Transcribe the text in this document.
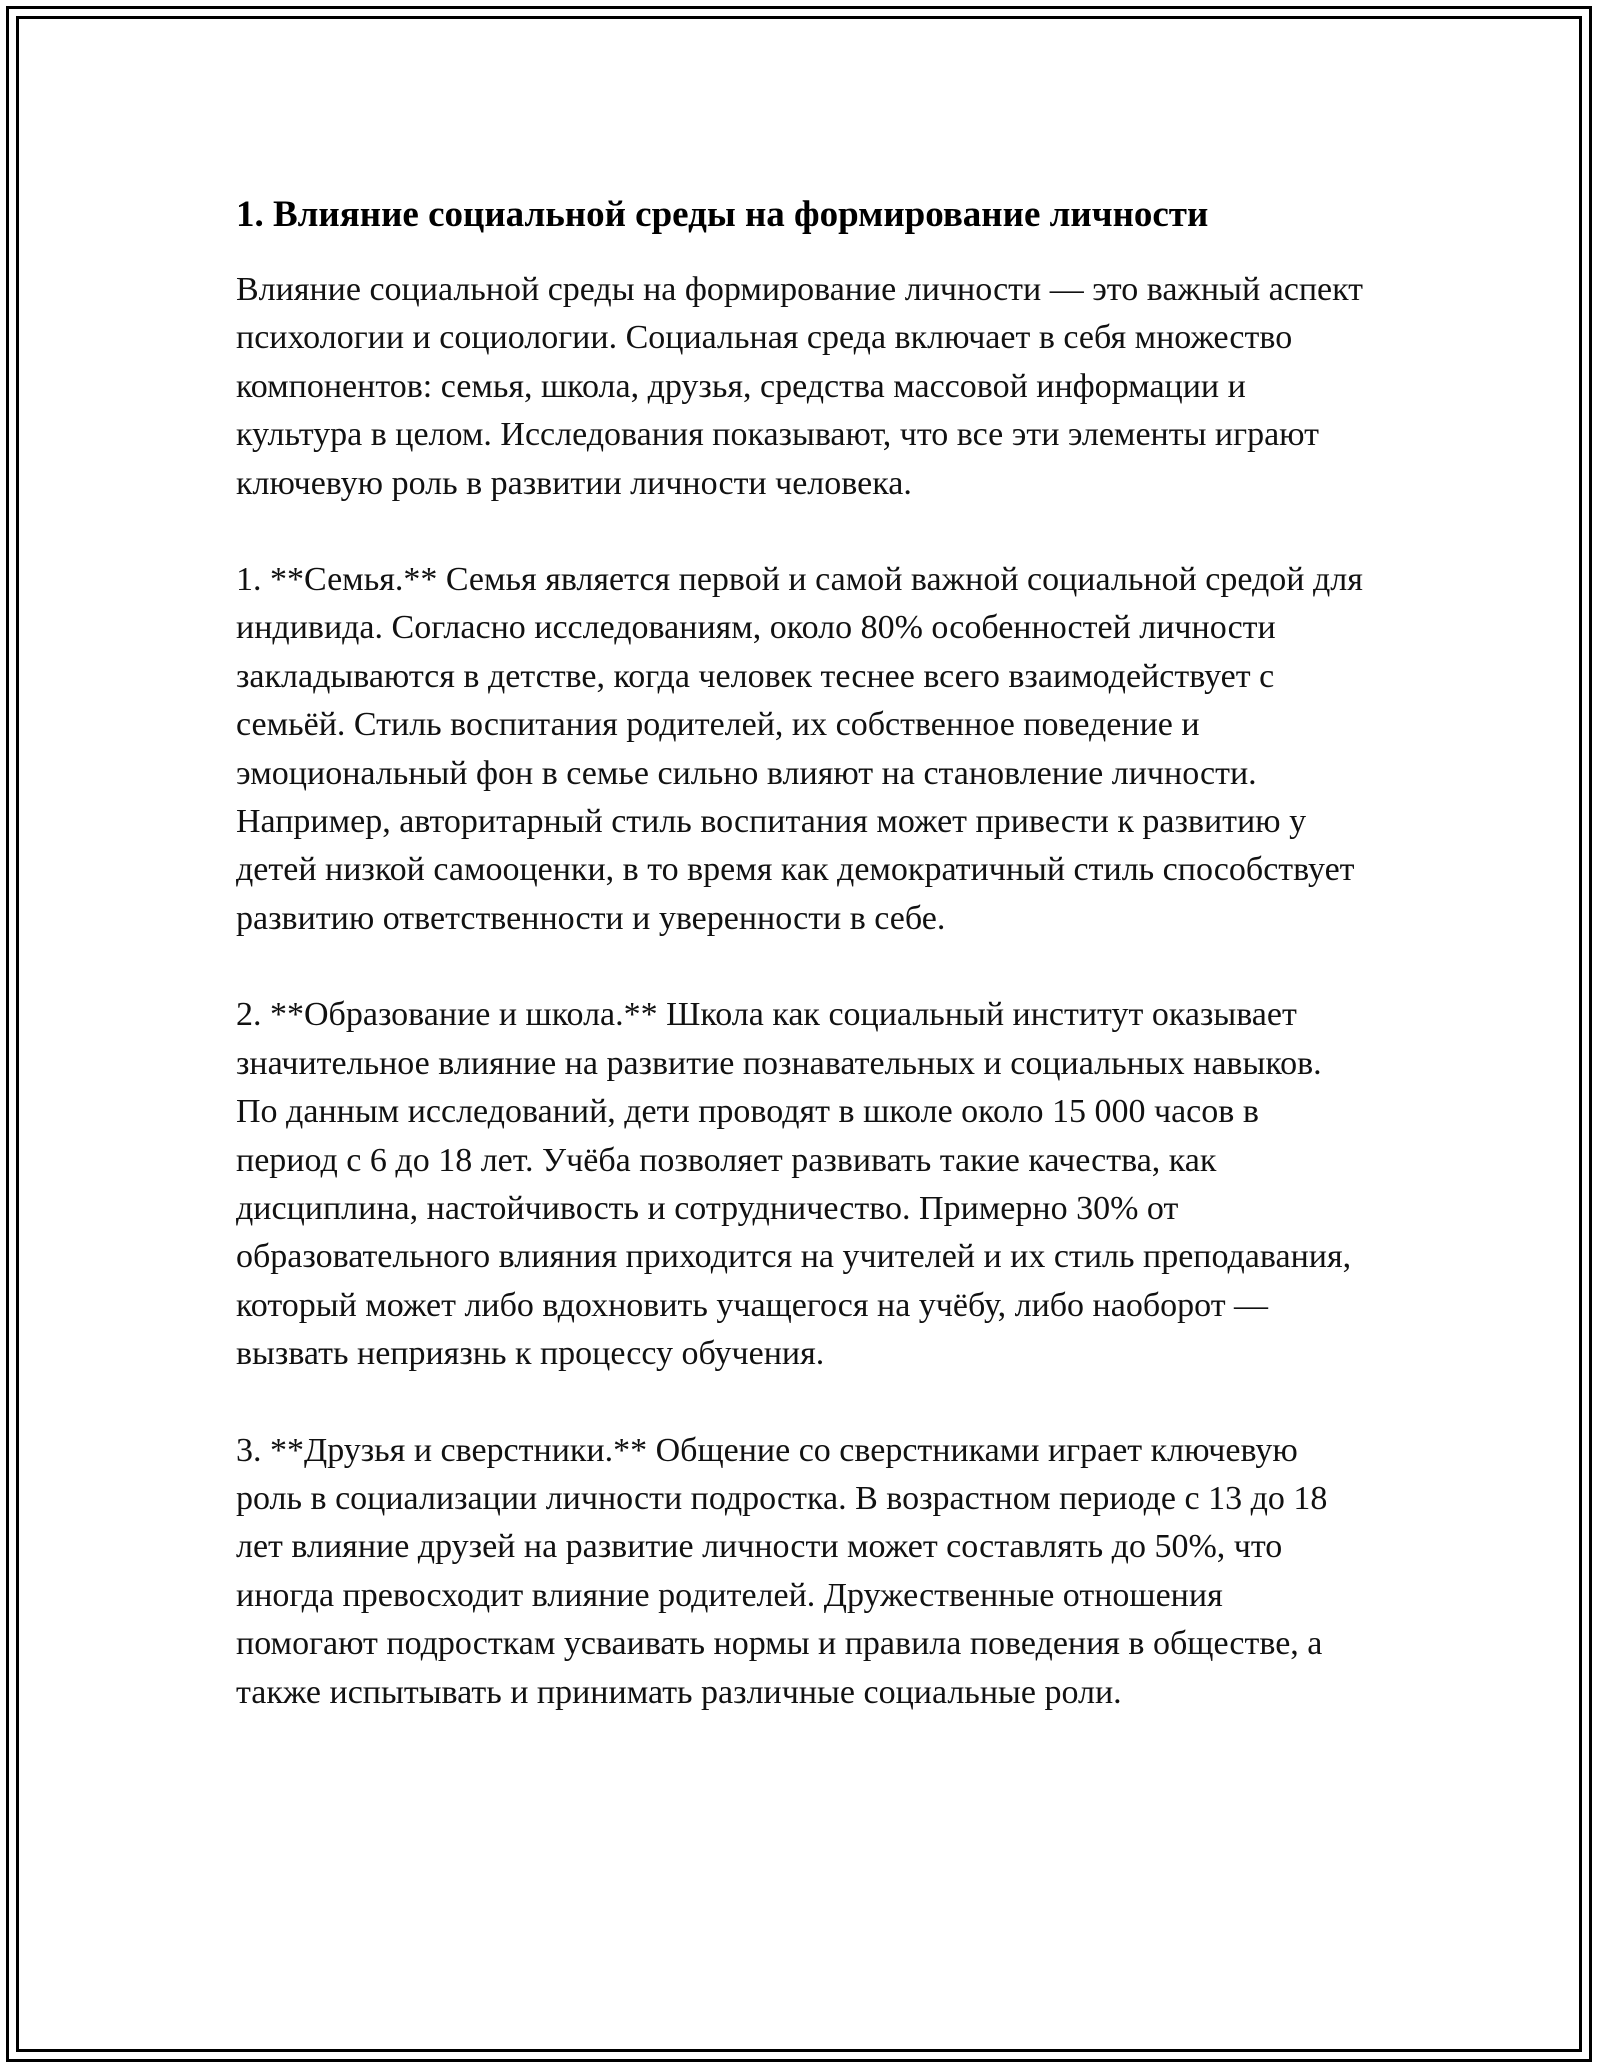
1. Влияние социальной среды на формирование личности

Влияние социальной среды на формирование личности — это важный аспект психологии и социологии. Социальная среда включает в себя множество компонентов: семья, школа, друзья, средства массовой информации и культура в целом. Исследования показывают, что все эти элементы играют ключевую роль в развитии личности человека.

1. **Семья.** Семья является первой и самой важной социальной средой для индивида. Согласно исследованиям, около 80% особенностей личности закладываются в детстве, когда человек теснее всего взаимодействует с семьёй. Стиль воспитания родителей, их собственное поведение и эмоциональный фон в семье сильно влияют на становление личности. Например, авторитарный стиль воспитания может привести к развитию у детей низкой самооценки, в то время как демократичный стиль способствует развитию ответственности и уверенности в себе.

2. **Образование и школа.** Школа как социальный институт оказывает значительное влияние на развитие познавательных и социальных навыков. По данным исследований, дети проводят в школе около 15 000 часов в период с 6 до 18 лет. Учёба позволяет развивать такие качества, как дисциплина, настойчивость и сотрудничество. Примерно 30% от образовательного влияния приходится на учителей и их стиль преподавания, который может либо вдохновить учащегося на учёбу, либо наоборот — вызвать неприязнь к процессу обучения.

3. **Друзья и сверстники.** Общение со сверстниками играет ключевую роль в социализации личности подростка. В возрастном периоде с 13 до 18 лет влияние друзей на развитие личности может составлять до 50%, что иногда превосходит влияние родителей. Дружественные отношения помогают подросткам усваивать нормы и правила поведения в обществе, а также испытывать и принимать различные социальные роли.
